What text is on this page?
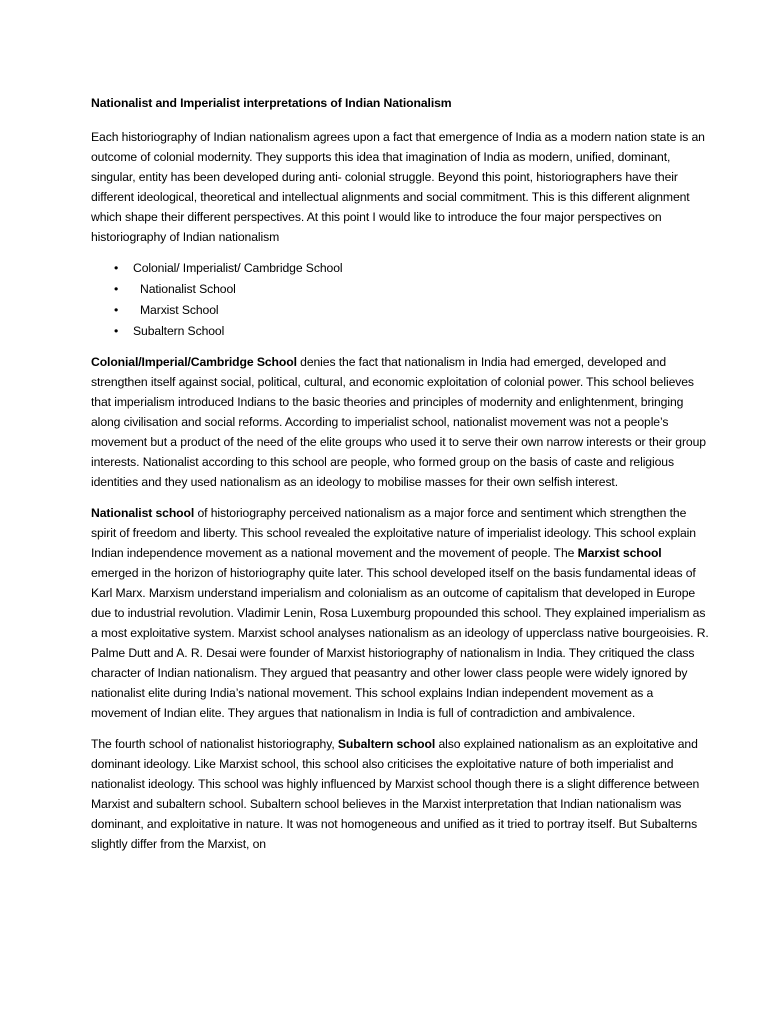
Nationalist and Imperialist interpretations of Indian Nationalism

Each historiography of Indian nationalism agrees upon a fact that emergence of India as a modern nation state is an outcome of colonial modernity. They supports this idea that imagination of India as modern, unified, dominant, singular, entity has been developed during anti- colonial struggle. Beyond this point, historiographers have their different ideological, theoretical and intellectual alignments and social commitment. This is this different alignment which shape their different perspectives. At this point I would like to introduce the four major perspectives on historiography of Indian nationalism

• Colonial/ Imperialist/ Cambridge School
• Nationalist School
• Marxist School
• Subaltern School

Colonial/Imperial/Cambridge School denies the fact that nationalism in India had emerged, developed and strengthen itself against social, political, cultural, and economic exploitation of colonial power. This school believes that imperialism introduced Indians to the basic theories and principles of modernity and enlightenment, bringing along civilisation and social reforms. According to imperialist school, nationalist movement was not a people’s movement but a product of the need of the elite groups who used it to serve their own narrow interests or their group interests. Nationalist according to this school are people, who formed group on the basis of caste and religious identities and they used nationalism as an ideology to mobilise masses for their own selfish interest.

Nationalist school of historiography perceived nationalism as a major force and sentiment which strengthen the spirit of freedom and liberty. This school revealed the exploitative nature of imperialist ideology. This school explain Indian independence movement as a national movement and the movement of people. The Marxist school emerged in the horizon of historiography quite later. This school developed itself on the basis fundamental ideas of Karl Marx. Marxism understand imperialism and colonialism as an outcome of capitalism that developed in Europe due to industrial revolution. Vladimir Lenin, Rosa Luxemburg propounded this school. They explained imperialism as a most exploitative system. Marxist school analyses nationalism as an ideology of upperclass native bourgeoisies. R. Palme Dutt and A. R. Desai were founder of Marxist historiography of nationalism in India. They critiqued the class character of Indian nationalism. They argued that peasantry and other lower class people were widely ignored by nationalist elite during India’s national movement. This school explains Indian independent movement as a movement of Indian elite. They argues that nationalism in India is full of contradiction and ambivalence.

The fourth school of nationalist historiography, Subaltern school also explained nationalism as an exploitative and dominant ideology. Like Marxist school, this school also criticises the exploitative nature of both imperialist and nationalist ideology. This school was highly influenced by Marxist school though there is a slight difference between Marxist and subaltern school. Subaltern school believes in the Marxist interpretation that Indian nationalism was dominant, and exploitative in nature. It was not homogeneous and unified as it tried to portray itself. But Subalterns slightly differ from the Marxist, on
